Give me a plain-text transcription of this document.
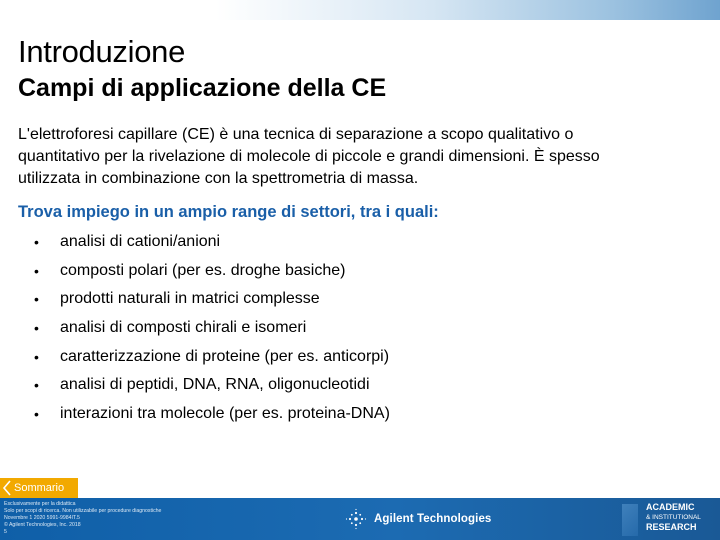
Introduzione
Campi di applicazione della CE

L'elettroforesi capillare (CE) è una tecnica di separazione a scopo qualitativo o
quantitativo per la rivelazione di molecole di piccole e grandi dimensioni. È spesso
utilizzata in combinazione con la spettrometria di massa.

Trova impiego in un ampio range di settori, tra i quali:

•	analisi di cationi/anioni
•	composti polari (per es. droghe basiche)
•	prodotti naturali in matrici complesse
•	analisi di composti chirali e isomeri
•	caratterizzazione di proteine (per es. anticorpi)
•	analisi di peptidi, DNA, RNA, oligonucleotidi
•	interazioni tra molecole (per es. proteina-DNA)
Sommario
Esclusivamente per la didattica
Solo per scopi di ricerca. Non utilizzabile per procedure diagnostiche
Novembre 1 2020 5991-9984IT.5
© Agilent Technologies, Inc. 2018
5
Agilent Technologies
ACADEMIC
& INSTITUTIONAL
RESEARCH
